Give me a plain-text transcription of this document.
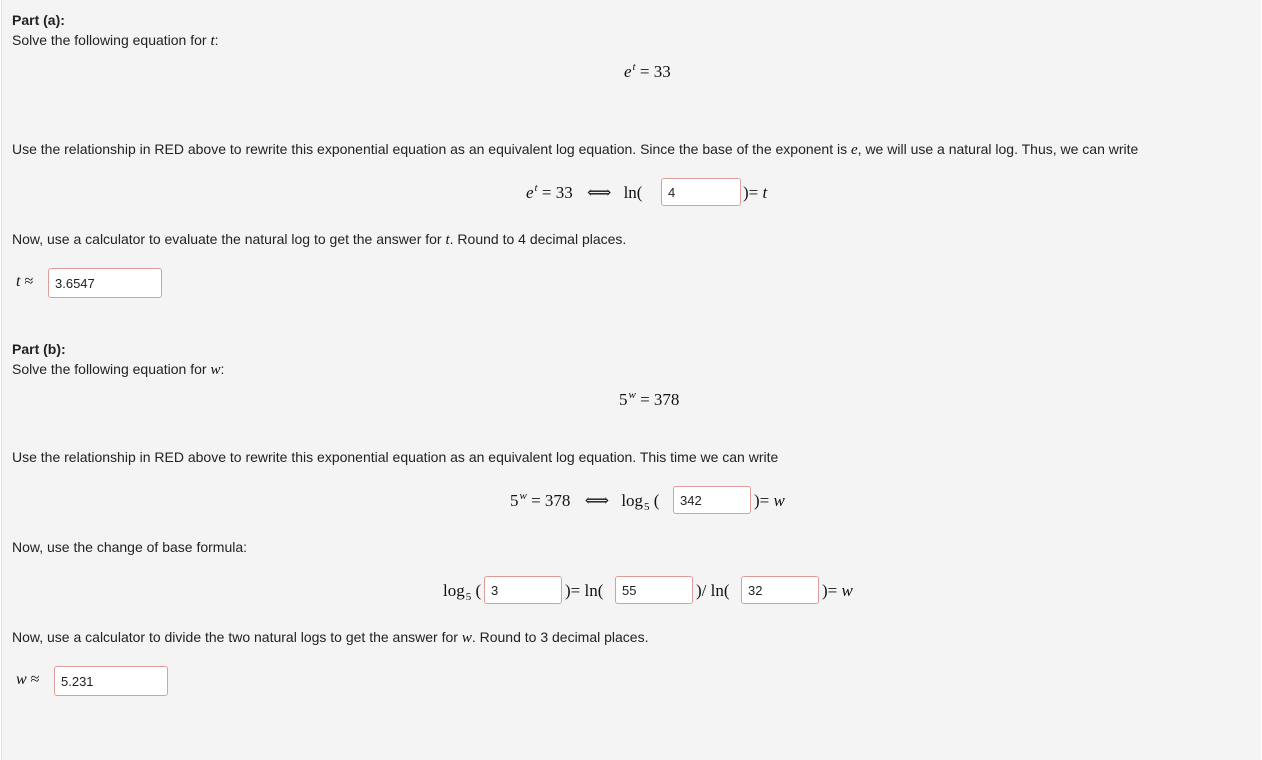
Part (a):
Solve the following equation for t:
$e^t = 33$
Use the relationship in RED above to rewrite this exponential equation as an equivalent log equation. Since the base of the exponent is e, we will use a natural log. Thus, we can write
$e^t = 33$ ⟺ ln(
4	)= t
Now, use a calculator to evaluate the natural log to get the answer for t. Round to 4 decimal places.
t ≈
3.6547
Part (b):
Solve the following equation for w:
$5^w = 378$
Use the relationship in RED above to rewrite this exponential equation as an equivalent log equation. This time we can write
$5^w = 378$ ⟺ $\log_5$ (
342	)= w
Now, use the change of base formula:
$\log_5$ (
3	)= ln(
55	)/ ln(
32	)= w
Now, use a calculator to divide the two natural logs to get the answer for w. Round to 3 decimal places.
w ≈
5.231
